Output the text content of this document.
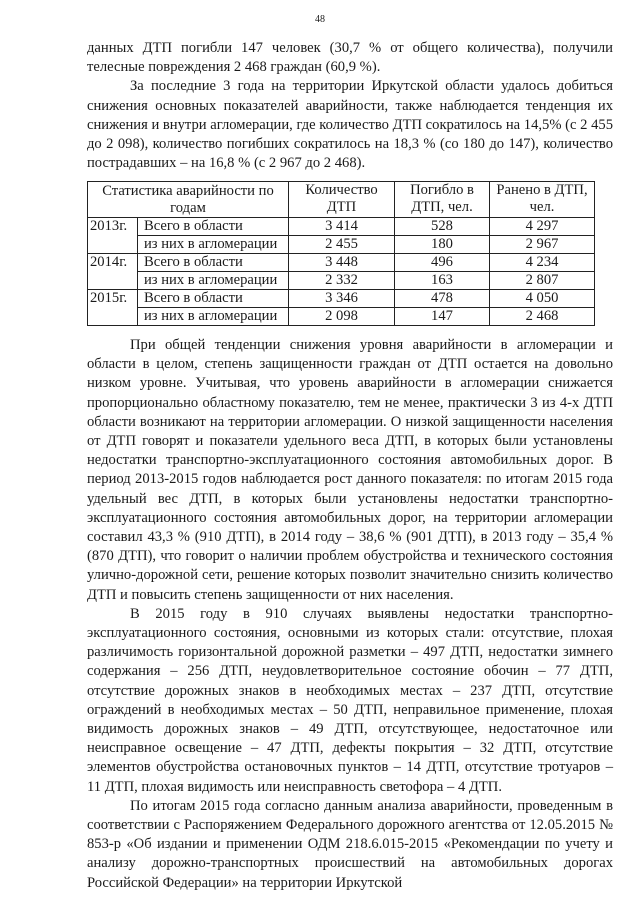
48

данных ДТП погибли 147 человек (30,7 % от общего количества), получили телесные повреждения 2 468 граждан (60,9 %).

За последние 3 года на территории Иркутской области удалось добиться снижения основных показателей аварийности, также наблюдается тенденция их снижения и внутри агломерации, где количество ДТП сократилось на 14,5% (с 2 455 до 2 098), количество погибших сократилось на 18,3 % (со 180 до 147), количество пострадавших – на 16,8 % (с 2 967 до 2 468).

Статистика аварийности по годам		Количество ДТП	Погибло в ДТП, чел.	Ранено в ДТП, чел.
2013г.	Всего в области	3 414	528	4 297
	из них в агломерации	2 455	180	2 967
2014г.	Всего в области	3 448	496	4 234
	из них в агломерации	2 332	163	2 807
2015г.	Всего в области	3 346	478	4 050
	из них в агломерации	2 098	147	2 468

При общей тенденции снижения уровня аварийности в агломерации и области в целом, степень защищенности граждан от ДТП остается на довольно низком уровне. Учитывая, что уровень аварийности в агломерации снижается пропорционально областному показателю, тем не менее, практически 3 из 4-х ДТП области возникают на территории агломерации. О низкой защищенности населения от ДТП говорят и показатели удельного веса ДТП, в которых были установлены недостатки транспортно-эксплуатационного состояния автомобильных дорог. В период 2013-2015 годов наблюдается рост данного показателя: по итогам 2015 года удельный вес ДТП, в которых были установлены недостатки транспортно-эксплуатационного состояния автомобильных дорог, на территории агломерации составил 43,3 % (910 ДТП), в 2014 году – 38,6 % (901 ДТП), в 2013 году – 35,4 % (870 ДТП), что говорит о наличии проблем обустройства и технического состояния улично-дорожной сети, решение которых позволит значительно снизить количество ДТП и повысить степень защищенности от них населения.

В 2015 году в 910 случаях выявлены недостатки транспортно- эксплуатационного состояния, основными из которых стали: отсутствие, плохая различимость горизонтальной дорожной разметки – 497 ДТП, недостатки зимнего содержания – 256 ДТП, неудовлетворительное состояние обочин – 77 ДТП, отсутствие дорожных знаков в необходимых местах – 237 ДТП, отсутствие ограждений в необходимых местах – 50 ДТП, неправильное применение, плохая видимость дорожных знаков – 49 ДТП, отсутствующее, недостаточное или неисправное освещение – 47 ДТП, дефекты покрытия – 32 ДТП, отсутствие элементов обустройства остановочных пунктов – 14 ДТП, отсутствие тротуаров – 11 ДТП, плохая видимость или неисправность светофора – 4 ДТП.

По итогам 2015 года согласно данным анализа аварийности, проведенным в соответствии с Распоряжением Федерального дорожного агентства от 12.05.2015 № 853-р «Об издании и применении ОДМ 218.6.015-2015 «Рекомендации по учету и анализу дорожно-транспортных происшествий на автомобильных дорогах Российской Федерации» на территории Иркутской
